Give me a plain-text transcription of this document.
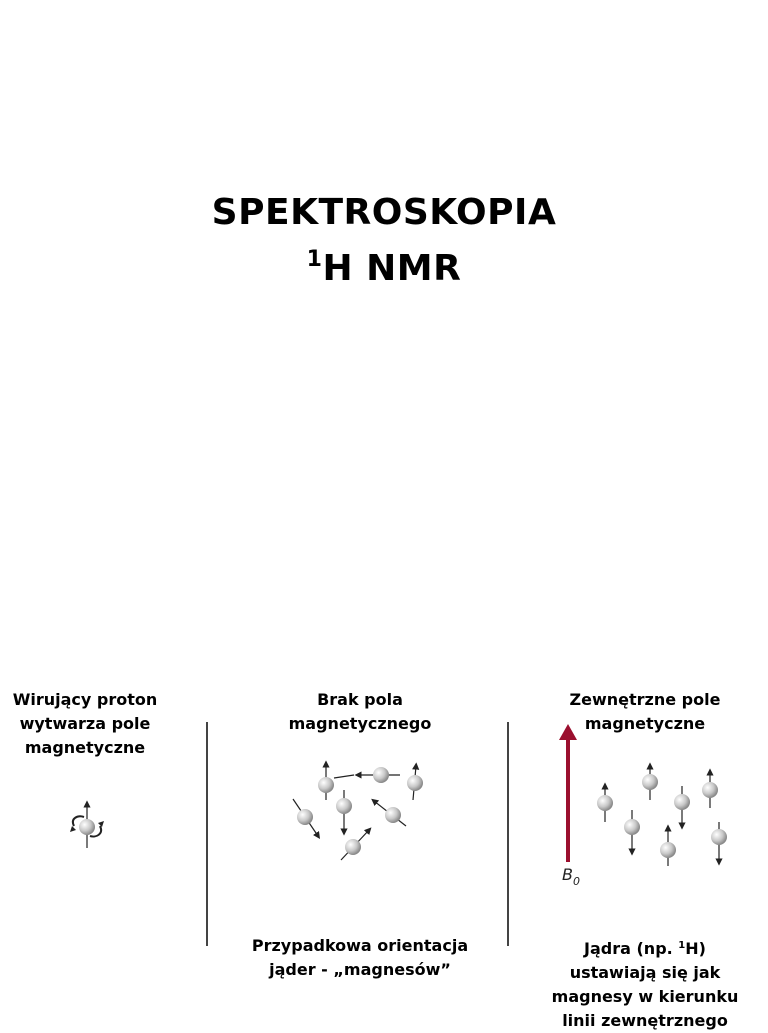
SPEKTROSKOPIA
$^1$H NMR
Wirujący proton
wytwarza pole
magnetyczne
Brak pola
magnetycznego
Zewnętrzne pole
magnetyczne
$B_0$
Przypadkowa orientacja
jąder - „magnesów”
Jądra (np. $^1$H)
ustawiają się jak
magnesy w kierunku
linii zewnętrznego
